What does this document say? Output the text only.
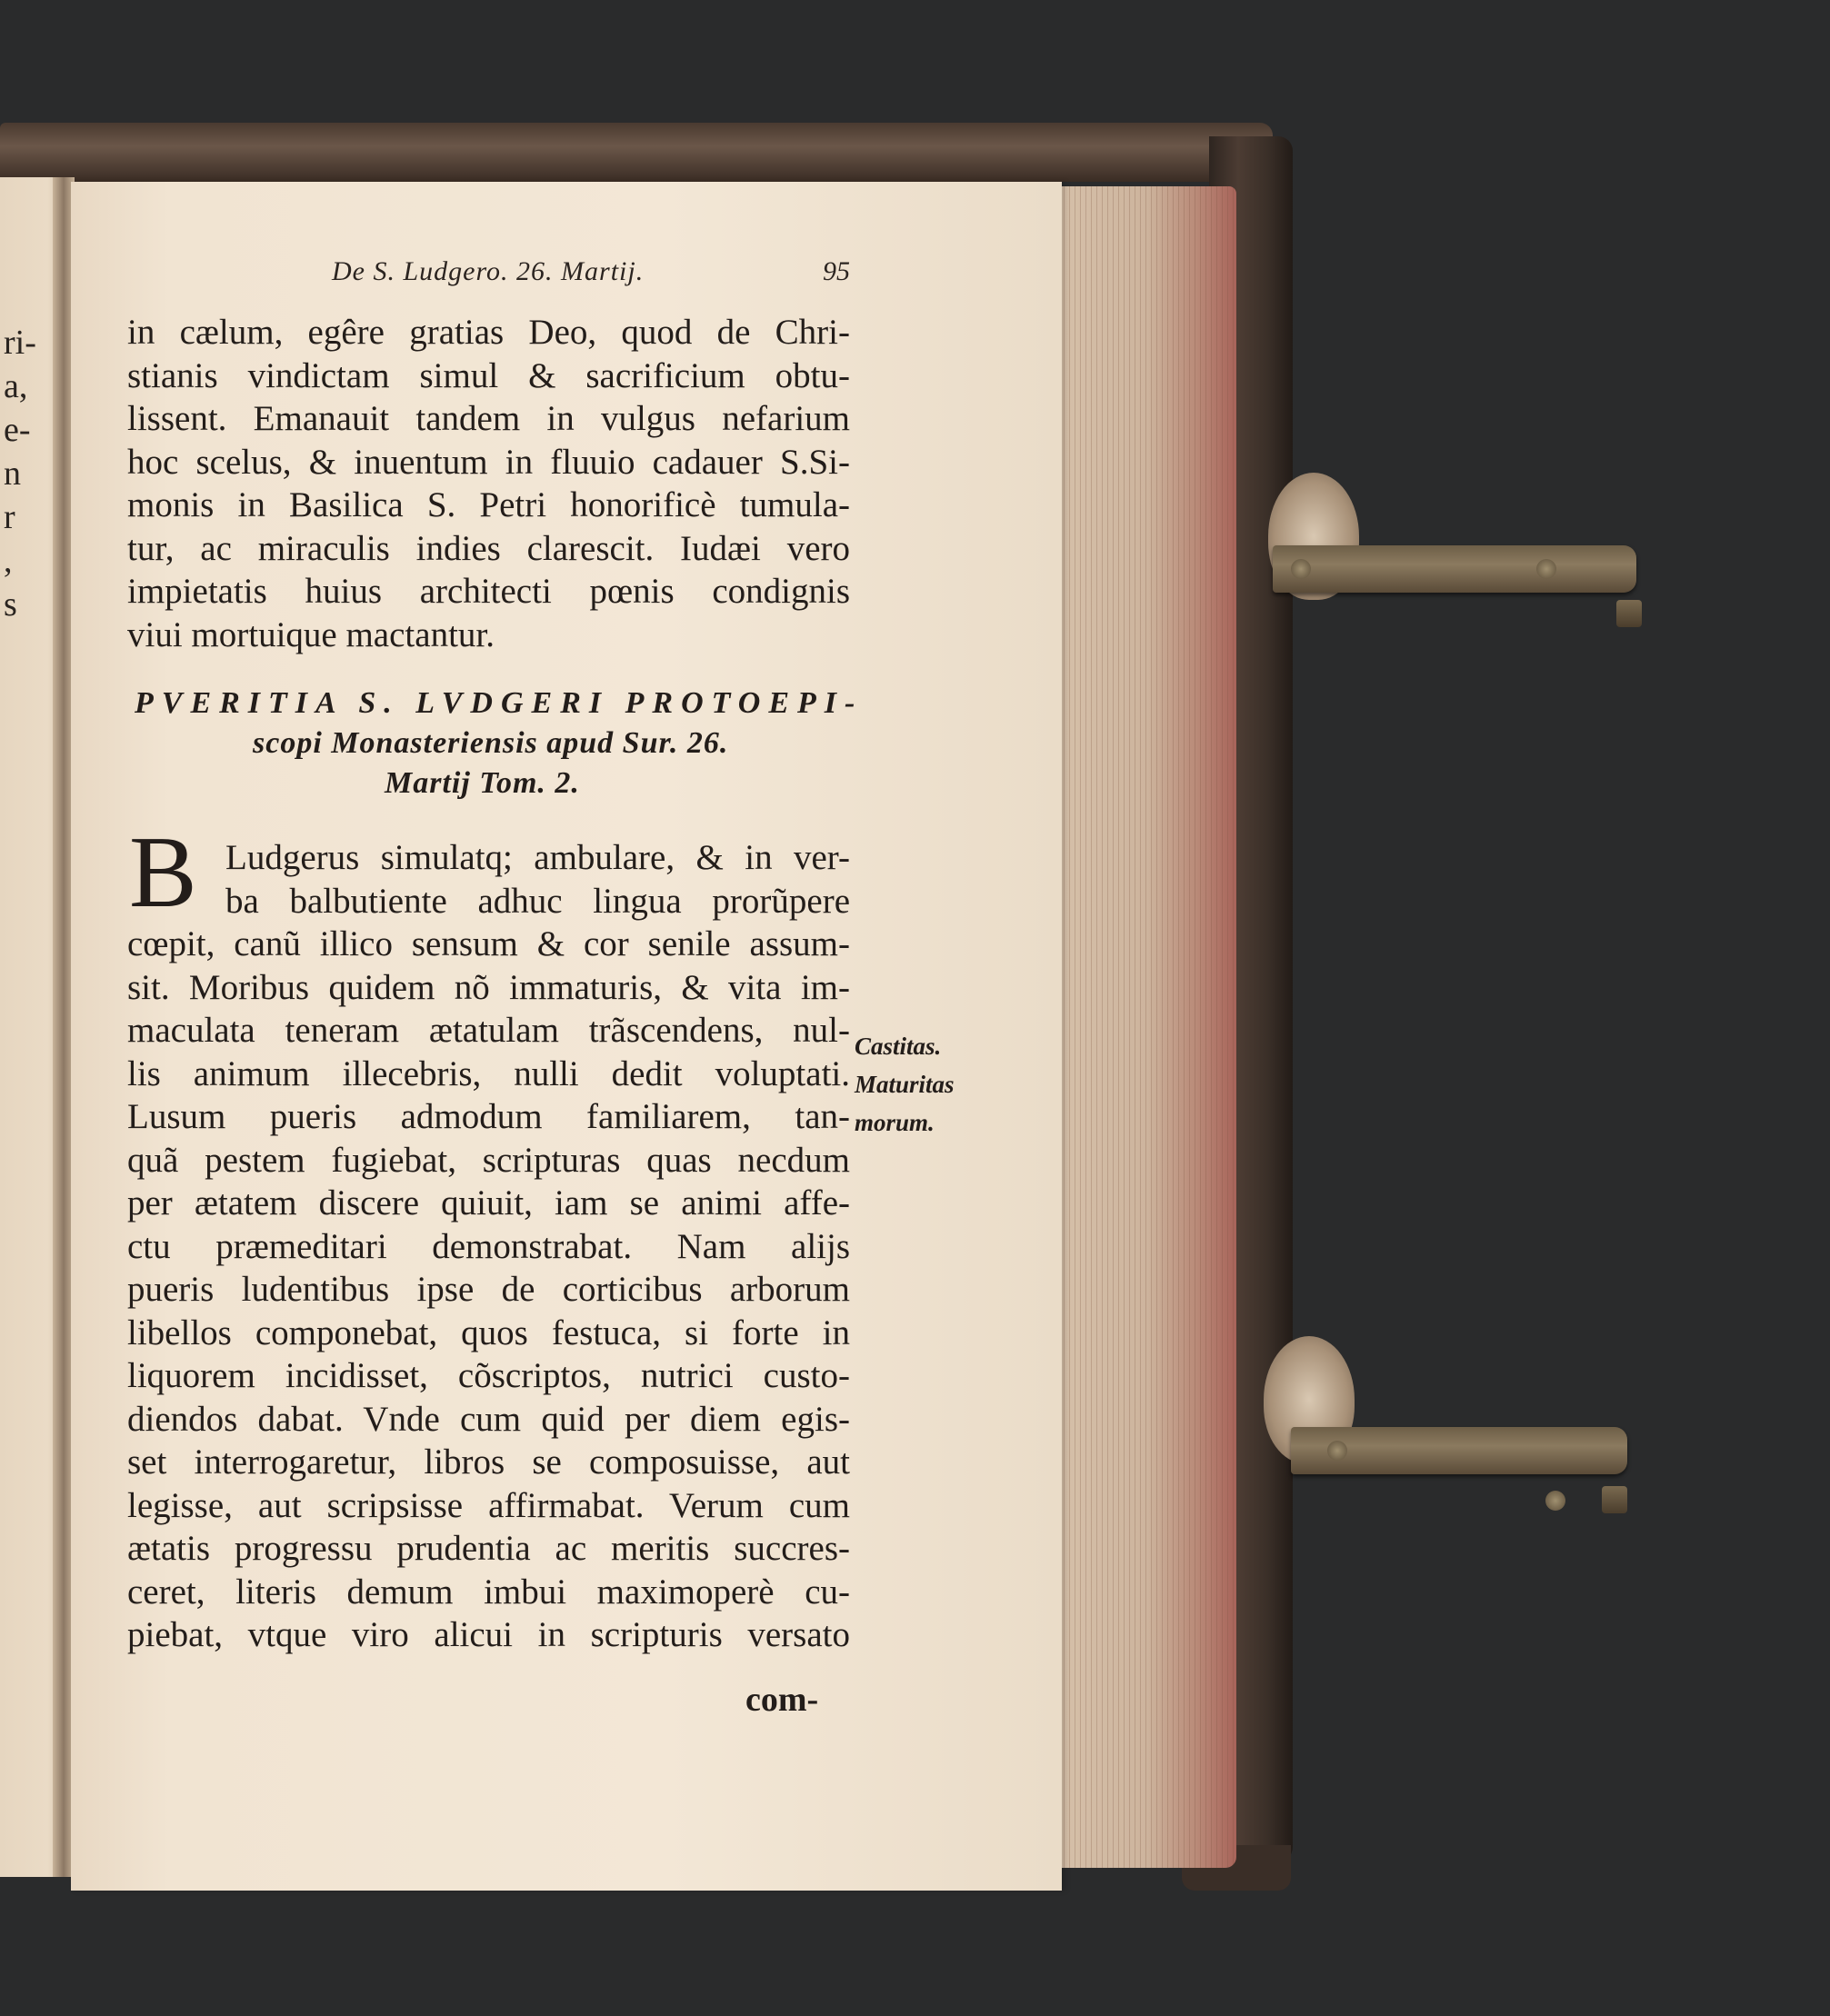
ri-
a,
e-
n
r
,
s
De S. Ludgero. 26. Martij.	95
in cælum, egêre gratias Deo, quod de Chri-
stianis vindictam simul & sacrificium obtu-
lissent. Emanauit tandem in vulgus nefarium
hoc scelus, & inuentum in fluuio cadauer S.Si-
monis in Basilica S. Petri honorificè tumula-
tur, ac miraculis indies clarescit. Iudæi vero
impietatis huius architecti pœnis condignis
viui mortuique mactantur.
PVERITIA S. LVDGERI PROTOEPI-
scopi Monasteriensis apud Sur. 26.
Martij Tom. 2.
B Ludgerus simulatq; ambulare, & in ver-
ba balbutiente adhuc lingua prorũpere
cœpit, canũ illico sensum & cor senile assum-
sit. Moribus quidem nõ immaturis, & vita im-
maculata teneram ætatulam trãscendens, nul-
lis animum illecebris, nulli dedit voluptati.
Lusum pueris admodum familiarem, tan-
quã pestem fugiebat, scripturas quas necdum
per ætatem discere quiuit, iam se animi affe-
ctu præmeditari demonstrabat. Nam alijs
pueris ludentibus ipse de corticibus arborum
libellos componebat, quos festuca, si forte in
liquorem incidisset, cõscriptos, nutrici custo-
diendos dabat. Vnde cum quid per diem egis-
set interrogaretur, libros se composuisse, aut
legisse, aut scripsisse affirmabat. Verum cum
ætatis progressu prudentia ac meritis succres-
ceret, literis demum imbui maximoperè cu-
piebat, vtque viro alicui in scripturis versato
com-
Castitas.
Maturitas
morum.
